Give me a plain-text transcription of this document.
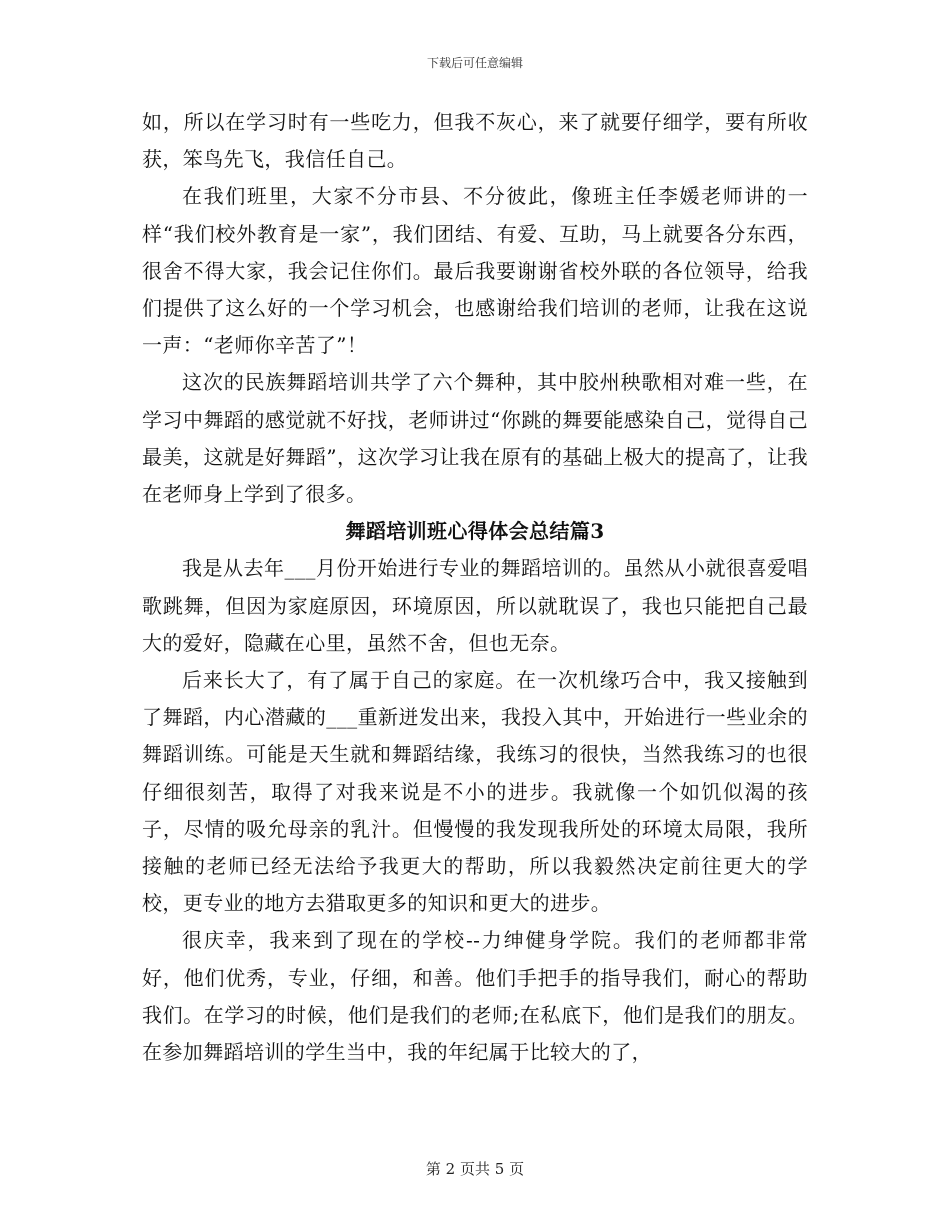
下载后可任意编辑

如，所以在学习时有一些吃力，但我不灰心，来了就要仔细学，要有所收获，笨鸟先飞，我信任自己。

在我们班里，大家不分市县、不分彼此，像班主任李媛老师讲的一样“我们校外教育是一家”，我们团结、有爱、互助，马上就要各分东西，很舍不得大家，我会记住你们。最后我要谢谢省校外联的各位领导，给我们提供了这么好的一个学习机会，也感谢给我们培训的老师，让我在这说一声：“老师你辛苦了”！

这次的民族舞蹈培训共学了六个舞种，其中胶州秧歌相对难一些，在学习中舞蹈的感觉就不好找，老师讲过“你跳的舞要能感染自己，觉得自己最美，这就是好舞蹈”，这次学习让我在原有的基础上极大的提高了，让我在老师身上学到了很多。

舞蹈培训班心得体会总结篇3

我是从去年___月份开始进行专业的舞蹈培训的。虽然从小就很喜爱唱歌跳舞，但因为家庭原因，环境原因，所以就耽误了，我也只能把自己最大的爱好，隐藏在心里，虽然不舍，但也无奈。

后来长大了，有了属于自己的家庭。在一次机缘巧合中，我又接触到了舞蹈，内心潜藏的___重新迸发出来，我投入其中，开始进行一些业余的舞蹈训练。可能是天生就和舞蹈结缘，我练习的很快，当然我练习的也很仔细很刻苦，取得了对我来说是不小的进步。我就像一个如饥似渴的孩子，尽情的吸允母亲的乳汁。但慢慢的我发现我所处的环境太局限，我所接触的老师已经无法给予我更大的帮助，所以我毅然决定前往更大的学校，更专业的地方去猎取更多的知识和更大的进步。

很庆幸，我来到了现在的学校--力绅健身学院。我们的老师都非常好，他们优秀，专业，仔细，和善。他们手把手的指导我们，耐心的帮助我们。在学习的时候，他们是我们的老师;在私底下，他们是我们的朋友。在参加舞蹈培训的学生当中，我的年纪属于比较大的了，

第 2 页共 5 页
